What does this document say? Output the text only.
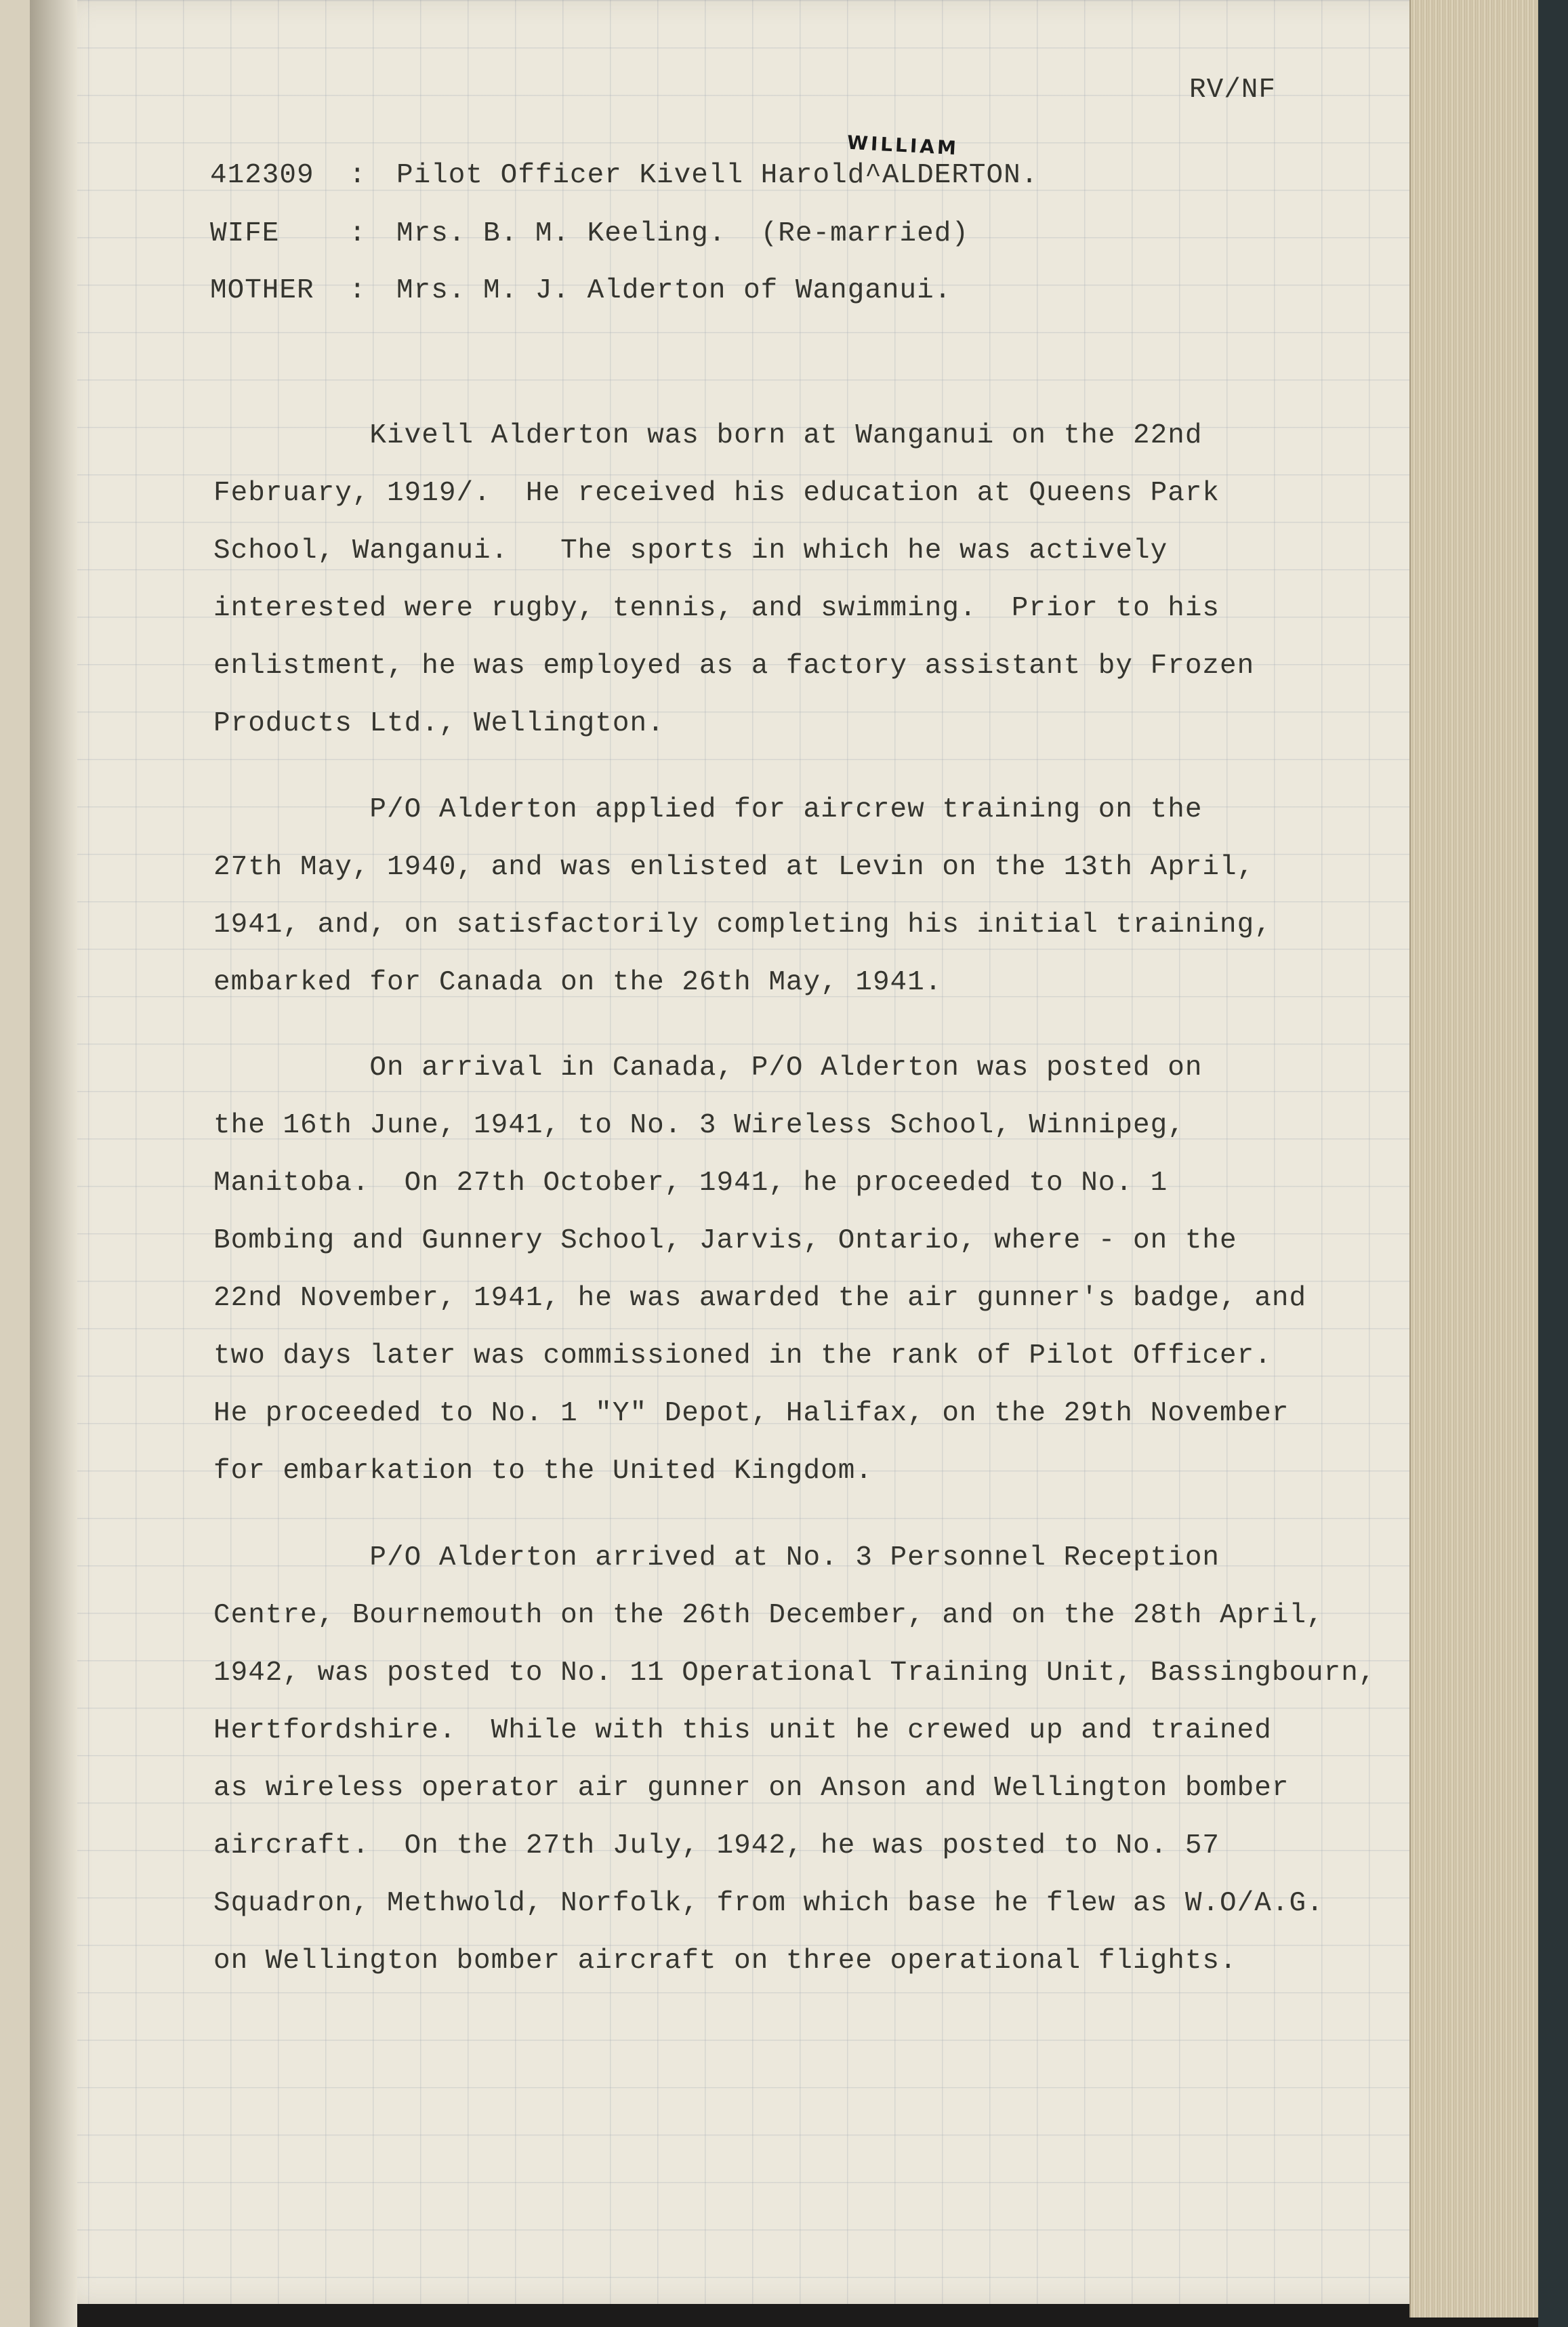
RV/NF
WILLIAM
412309 : Pilot Officer Kivell Harold^ALDERTON.
WIFE	: Mrs. B. M. Keeling.  (Re-married)
MOTHER : Mrs. M. J. Alderton of Wanganui.
Kivell Alderton was born at Wanganui on the 22nd
February, 1919/.  He received his education at Queens Park
School, Wanganui.   The sports in which he was actively
interested were rugby, tennis, and swimming.  Prior to his
enlistment, he was employed as a factory assistant by Frozen
Products Ltd., Wellington.
P/O Alderton applied for aircrew training on the
27th May, 1940, and was enlisted at Levin on the 13th April,
1941, and, on satisfactorily completing his initial training,
embarked for Canada on the 26th May, 1941.
On arrival in Canada, P/O Alderton was posted on
the 16th June, 1941, to No. 3 Wireless School, Winnipeg,
Manitoba.  On 27th October, 1941, he proceeded to No. 1
Bombing and Gunnery School, Jarvis, Ontario, where - on the
22nd November, 1941, he was awarded the air gunner's badge, and
two days later was commissioned in the rank of Pilot Officer.
He proceeded to No. 1 "Y" Depot, Halifax, on the 29th November
for embarkation to the United Kingdom.
P/O Alderton arrived at No. 3 Personnel Reception
Centre, Bournemouth on the 26th December, and on the 28th April,
1942, was posted to No. 11 Operational Training Unit, Bassingbourn,
Hertfordshire.  While with this unit he crewed up and trained
as wireless operator air gunner on Anson and Wellington bomber
aircraft.  On the 27th July, 1942, he was posted to No. 57
Squadron, Methwold, Norfolk, from which base he flew as W.O/A.G.
on Wellington bomber aircraft on three operational flights.
